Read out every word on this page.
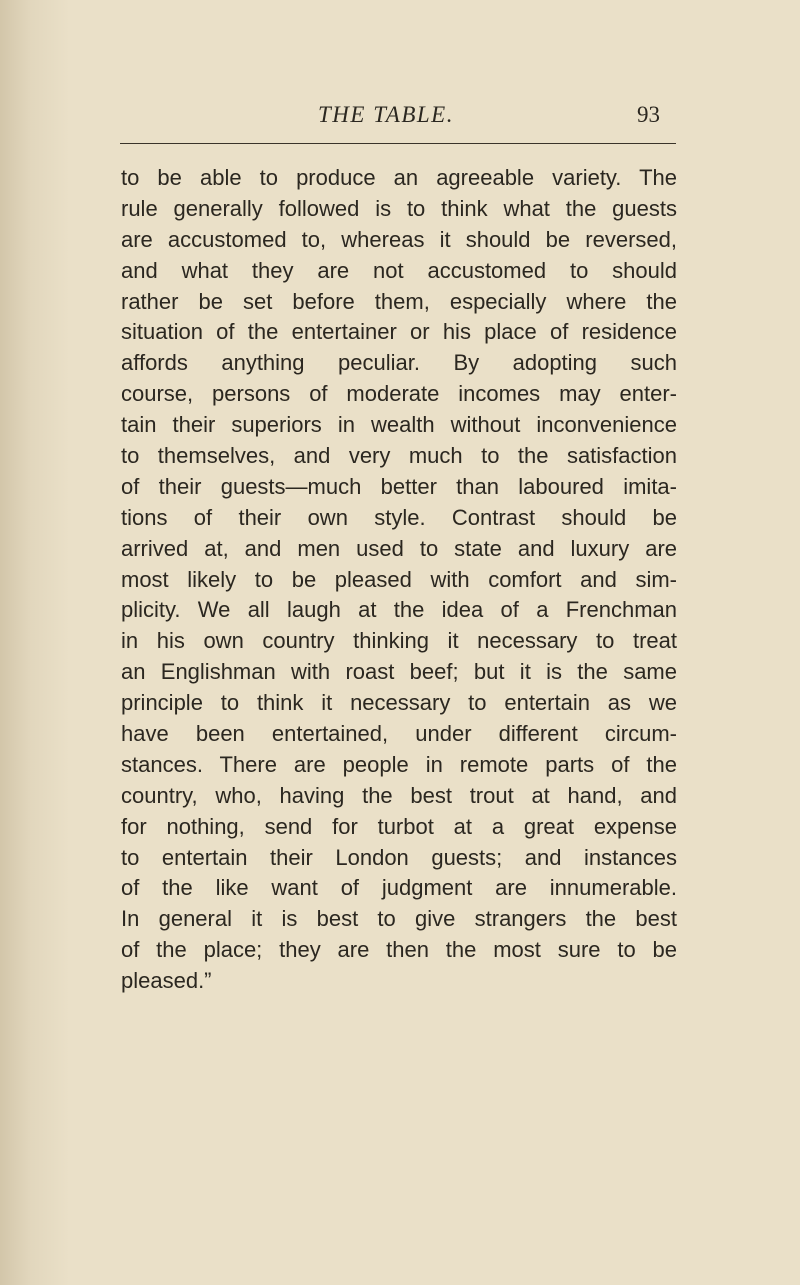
THE TABLE.	93
to be able to produce an agreeable variety. The
rule generally followed is to think what the guests
are accustomed to, whereas it should be reversed,
and what they are not accustomed to should
rather be set before them, especially where the
situation of the entertainer or his place of residence
affords anything peculiar. By adopting such
course, persons of moderate incomes may enter-
tain their superiors in wealth without inconvenience
to themselves, and very much to the satisfaction
of their guests—much better than laboured imita-
tions of their own style. Contrast should be
arrived at, and men used to state and luxury are
most likely to be pleased with comfort and sim-
plicity. We all laugh at the idea of a Frenchman
in his own country thinking it necessary to treat
an Englishman with roast beef; but it is the same
principle to think it necessary to entertain as we
have been entertained, under different circum-
stances. There are people in remote parts of the
country, who, having the best trout at hand, and
for nothing, send for turbot at a great expense
to entertain their London guests; and instances
of the like want of judgment are innumerable.
In general it is best to give strangers the best
of the place; they are then the most sure to be
pleased.”
